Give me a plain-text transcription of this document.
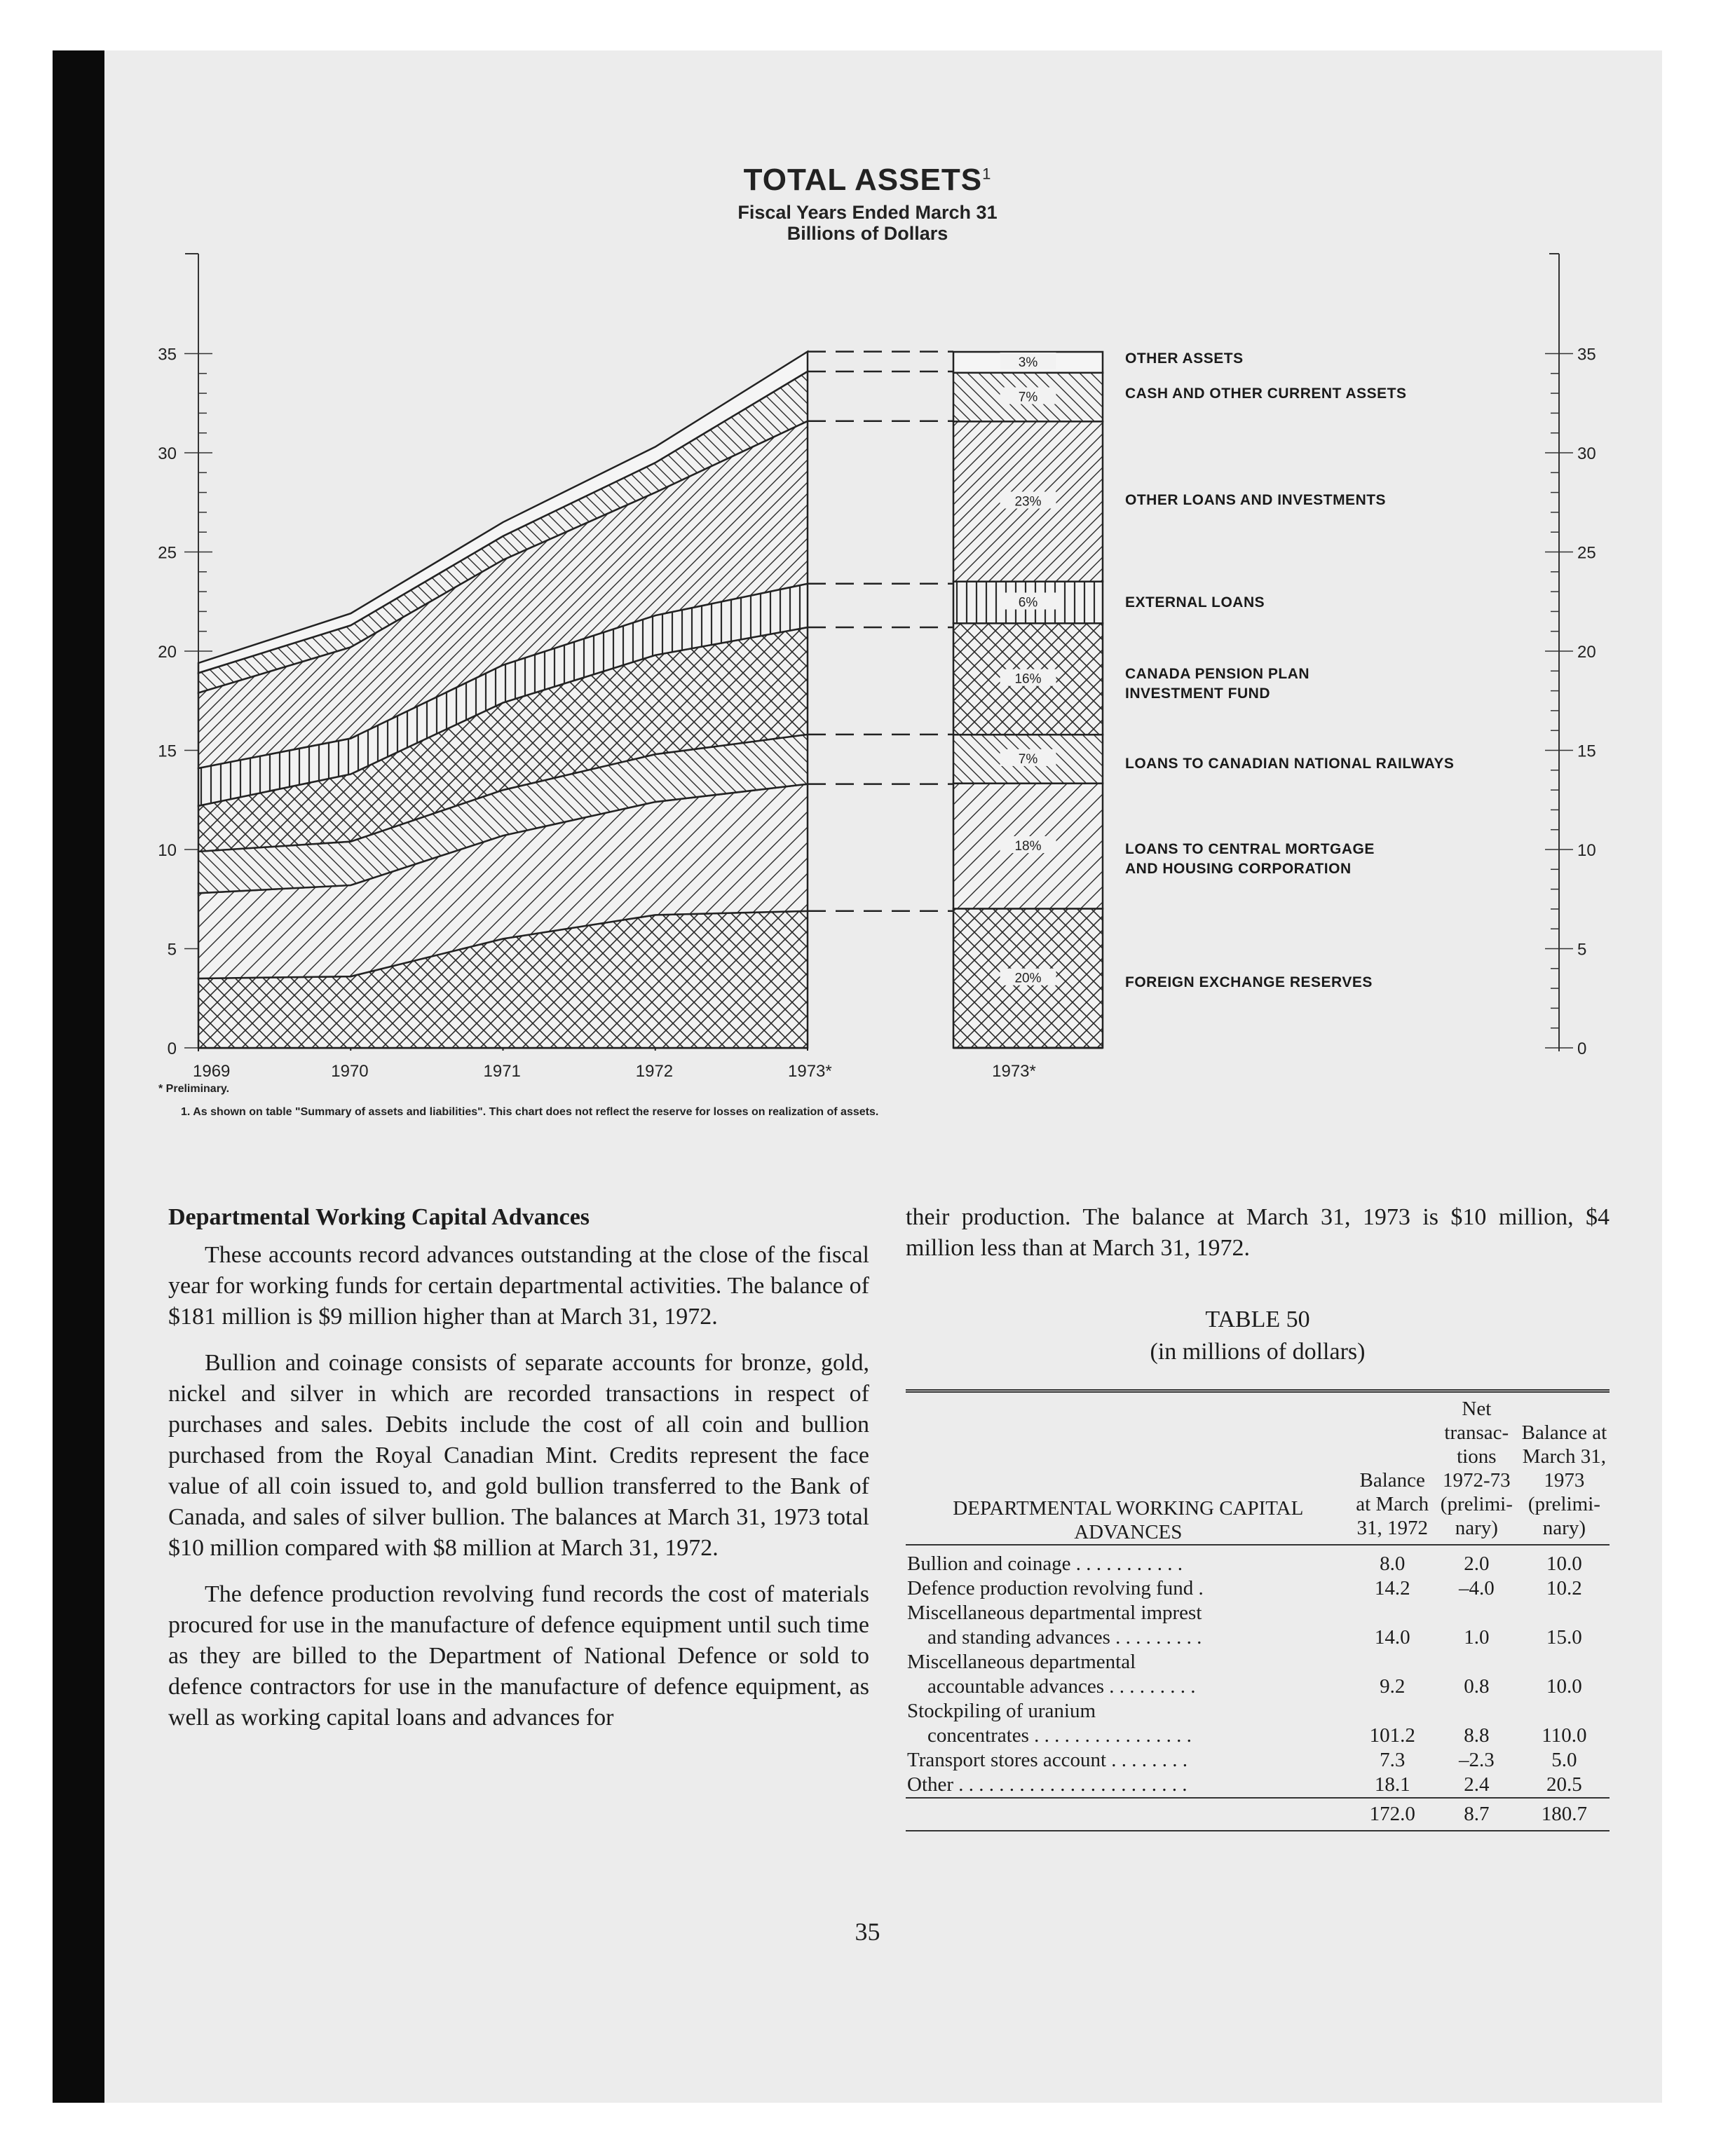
TOTAL ASSETS$^1$
Fiscal Years Ended March 31
Billions of Dollars
0	0
5	5
10	10
15	15
20	20
25	25
30	30
35	35
1969	1970	1971	1972	1973*
20%
18%
7%
16%
6%
23%
7%
3%
1973*
OTHER ASSETS
CASH AND OTHER CURRENT ASSETS
OTHER LOANS AND INVESTMENTS
EXTERNAL LOANS
CANADA PENSION PLAN
INVESTMENT FUND
LOANS TO CANADIAN NATIONAL RAILWAYS
LOANS TO CENTRAL MORTGAGE
AND HOUSING CORPORATION
FOREIGN EXCHANGE RESERVES
* Preliminary.
1. As shown on table "Summary of assets and liabilities". This chart does not reflect the reserve for losses on realization of assets.
Departmental Working Capital Advances

These accounts record advances outstanding at the close of the fiscal year for working funds for certain departmental activities. The balance of $181 million is $9 million higher than at March 31, 1972.

Bullion and coinage consists of separate accounts for bronze, gold, nickel and silver in which are recorded transactions in respect of purchases and sales. Debits include the cost of all coin and bullion purchased from the Royal Canadian Mint. Credits represent the face value of all coin issued to, and gold bullion transferred to the Bank of Canada, and sales of silver bullion. The balances at March 31, 1973 total $10 million compared with $8 million at March 31, 1972.

The defence production revolving fund records the cost of materials procured for use in the manufacture of defence equipment until such time as they are billed to the Department of National Defence or sold to defence contractors for use in the manufacture of defence equipment, as well as working capital loans and advances for

their production. The balance at March 31, 1973 is $10 million, $4 million less than at March 31, 1972.

TABLE 50
(in millions of dollars)
DEPARTMENTAL WORKING CAPITAL ADVANCES	Balance at March 31, 1972	Net transac- tions 1972-73 (prelimi- nary)	Balance at March 31, 1973 (prelimi- nary)
Bullion and coinage . . . . . . . . . . .	8.0	2.0	10.0
Defence production revolving fund .	14.2	–4.0	10.2
Miscellaneous departmental imprest			
and standing advances . . . . . . . . .	14.0	1.0	15.0
Miscellaneous departmental			
accountable advances . . . . . . . . .	9.2	0.8	10.0
Stockpiling of uranium			
concentrates . . . . . . . . . . . . . . . .	101.2	8.8	110.0
Transport stores account . . . . . . . .	7.3	–2.3	5.0
Other . . . . . . . . . . . . . . . . . . . . . . .	18.1	2.4	20.5
	172.0	8.7	180.7
35
